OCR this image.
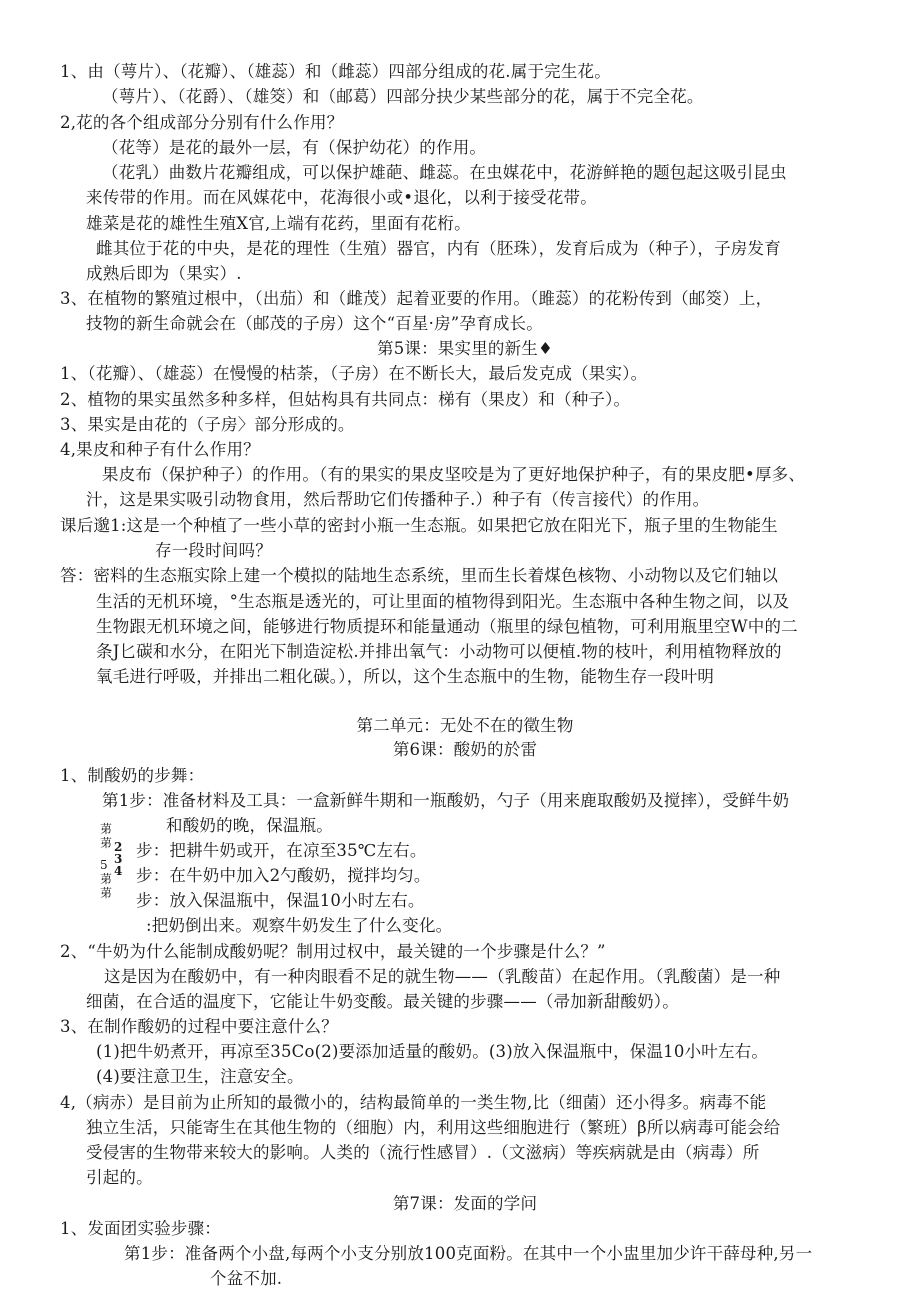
1、由（萼片）、（花瓣）、（雄蕊）和（雌蕊）四部分组成的花.属于完生花。
（萼片）、（花爵）、（雄筊）和（邮葛）四部分抉少某些部分的花，属于不完全花。
2,花的各个组成部分分别有什么作用？
（花等）是花的最外一层，有（保护幼花）的作用。
（花乳）曲数片花瓣组成，可以保护雄葩、雌蕊。在虫媒花中，花游鲜艳的题包起这吸引昆虫
来传带的作用。而在风媒花中，花海很小或•退化，以利于接受花带。
雄菜是花的雄性生殖X官,上端有花药，里面有花桁。
雌其位于花的中央，是花的理性（生殖）器官，内有（胚珠），发育后成为（种子），子房发育
成熟后即为（果实）.
3、在植物的繁殖过根中，（出茄）和（雌茂）起着亚要的作用。（雎蕊）的花粉传到（邮筊）上，
技物的新生命就会在（邮茂的子房）这个“百星·房”孕育成长。
第5课：果实里的新生♦
1、（花瓣）、（雄蕊）在慢慢的枯荼，（子房）在不断长大，最后发克成（果实）。
2、植物的果实虽然多种多样，但姑构具有共同点：梯有（果皮）和（种子）。
3、果实是由花的（子房〉部分形成的。
4,果皮和种子有什么作用？
果皮布（保护种子）的作用。（有的果实的果皮坚咬是为了更好地保护种子，有的果皮肥•厚多、
汁，这是果实吸引动物食用，然后帮助它们传播种子.）种子有（传言接代）的作用。
课后邈1:这是一个种植了一些小草的密封小瓶一生态瓶。如果把它放在阳光下，瓶子里的生物能生
存一段时间吗？
答：密料的生态瓶实除上建一个模拟的陆地生态系统，里而生长着煤色核物、小动物以及它们轴以
生活的无机环境，°生态瓶是透光的，可让里面的植物得到阳光。生态瓶中各种生物之间，以及
生物跟无机环境之间，能够进行物质提环和能量通动（瓶里的绿包植物，可利用瓶里空W中的二
条J匕碳和水分，在阳光下制造淀松.并排出氧气：小动物可以便植.物的枝叶，利用植物释放的
氧毛进行呼吸，并排出二粗化碳。），所以，这个生态瓶中的生物，能物生存一段叶明
第二单元：无处不在的徵生物
第6课：酸奶的於雷
1、制酸奶的步舞：
第1步：准备材料及工具：一盒新鲜牛期和一瓶酸奶，勺子（用来鹿取酸奶及搅摔），受鲜牛奶
和酸奶的晚，保温瓶。
苐
苐 2
3
4
5
苐
苐
步：把耕牛奶或开，在凉至35℃左右。
步：在牛奶中加入2勺酸奶，搅拌均匀。
步：放入保温瓶中，保温10小时左右。
:把奶倒出来。观察牛奶发生了什么变化。
2、“牛奶为什么能制成酸奶呢？制用过权中，最关键的一个步骤是什么？”
这是因为在酸奶中，有一种肉眼看不足的就生物——（乳酸苗）在起作用。（乳酸菌）是一种
细菌，在合适的温度下，它能让牛奶变酸。最关键的步骤——（帚加新甜酸奶）。
3、在制作酸奶的过程中要注意什么？
(1)把牛奶煮开，再凉至35Co(2)要添加适量的酸奶。(3)放入保温瓶中，保温10小叶左右。
(4)要注意卫生，注意安全。
4,（病赤）是目前为止所知的最微小的，结构最简单的一类生物,比（细菌）还小得多。病毒不能
独立生活，只能寄生在其他生物的（细胞）内，利用这些细胞进行（繁班）β所以病毒可能会给
受侵害的生物带来较大的影响。人类的（流行性感冒）.（文滋病）等疾病就是由（病毒）所
引起的。
第7课：发面的学问
1、发面团实验步骤：
第1步：准备两个小盘,每两个小支分别放100克面粉。在其中一个小盅里加少许干薛母种,另一
个盆不加.
